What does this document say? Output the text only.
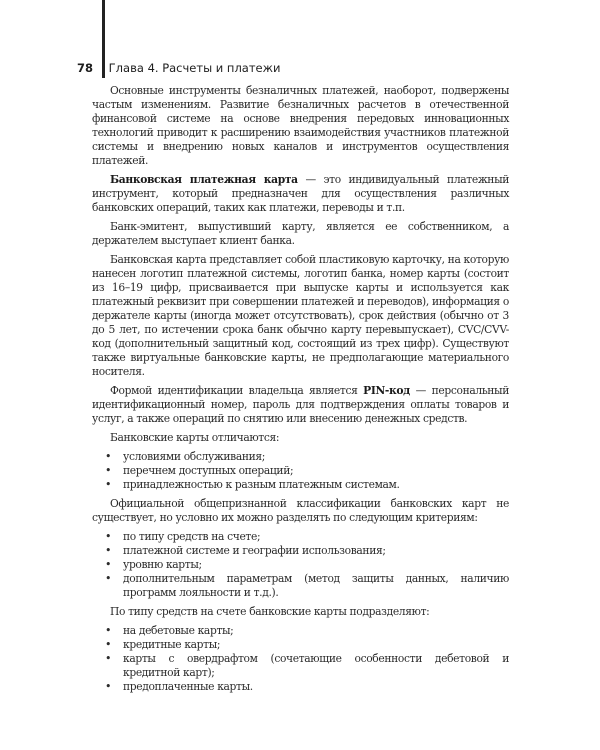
78 Глава 4. Расчеты и платежи

Основные инструменты безналичных платежей, наоборот, подвержены частым изменениям. Развитие безналичных расчетов в отечественной финансовой системе на основе внедрения передовых инновационных технологий приводит к расширению взаимодействия участников платежной системы и внедрению новых каналов и инструментов осуществления платежей.

Банковская платежная карта — это индивидуальный платежный инструмент, который предназначен для осуществления различных банковских операций, таких как платежи, переводы и т.п.

Банк-эмитент, выпустивший карту, является ее собственником, а держателем выступает клиент банка.

Банковская карта представляет собой пластиковую карточку, на которую нанесен логотип платежной системы, логотип банка, номер карты (состоит из 16–19 цифр, присваивается при выпуске карты и используется как платежный реквизит при совершении платежей и переводов), информация о держателе карты (иногда может отсутствовать), срок действия (обычно от 3 до 5 лет, по истечении срока банк обычно карту перевыпускает), CVC/CVV-код (дополнительный защитный код, состоящий из трех цифр). Существуют также виртуальные банковские карты, не предполагающие материального носителя.

Формой идентификации владельца является PIN-код — персональный идентификационный номер, пароль для подтверждения оплаты товаров и услуг, а также операций по снятию или внесению денежных средств.

Банковские карты отличаются:

• условиями обслуживания;
• перечнем доступных операций;
• принадлежностью к разным платежным системам.

Официальной общепризнанной классификации банковских карт не существует, но условно их можно разделять по следующим критериям:

• по типу средств на счете;
• платежной системе и географии использования;
• уровню карты;
• дополнительным параметрам (метод защиты данных, наличию программ лояльности и т.д.).

По типу средств на счете банковские карты подразделяют:

• на дебетовые карты;
• кредитные карты;
• карты с овердрафтом (сочетающие особенности дебетовой и кредитной карт);
• предоплаченные карты.
